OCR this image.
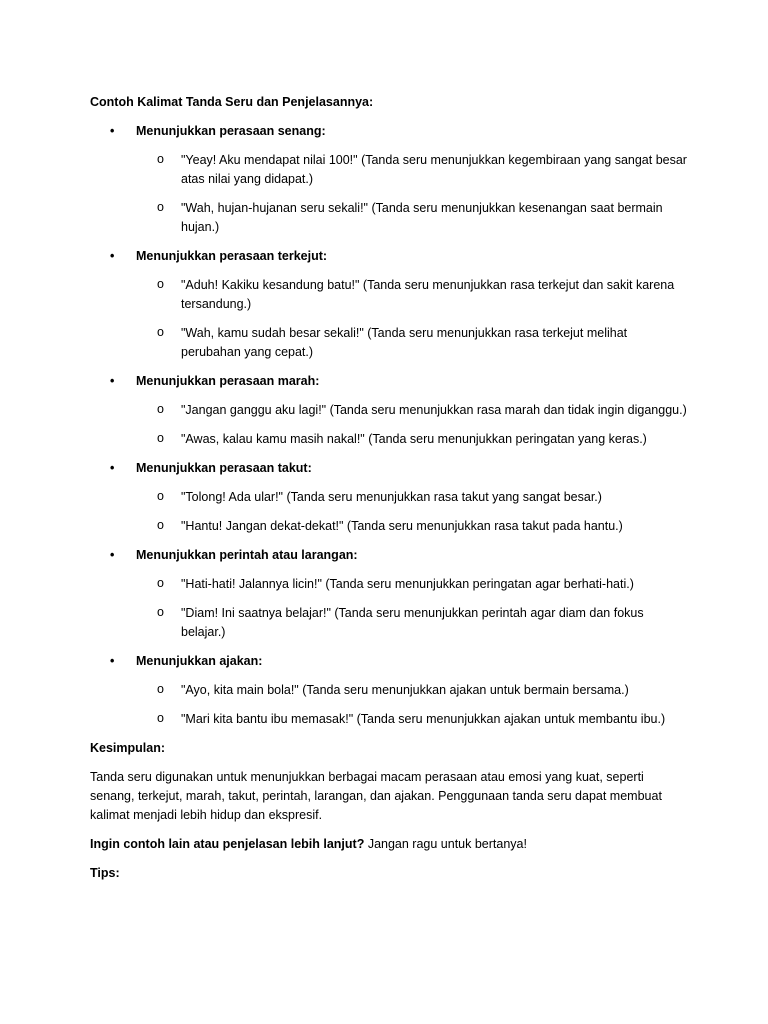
Contoh Kalimat Tanda Seru dan Penjelasannya:

• Menunjukkan perasaan senang:
o "Yeay! Aku mendapat nilai 100!" (Tanda seru menunjukkan kegembiraan yang sangat besar atas nilai yang didapat.)
o "Wah, hujan-hujanan seru sekali!" (Tanda seru menunjukkan kesenangan saat bermain hujan.)
• Menunjukkan perasaan terkejut:
o "Aduh! Kakiku kesandung batu!" (Tanda seru menunjukkan rasa terkejut dan sakit karena tersandung.)
o "Wah, kamu sudah besar sekali!" (Tanda seru menunjukkan rasa terkejut melihat perubahan yang cepat.)
• Menunjukkan perasaan marah:
o "Jangan ganggu aku lagi!" (Tanda seru menunjukkan rasa marah dan tidak ingin diganggu.)
o "Awas, kalau kamu masih nakal!" (Tanda seru menunjukkan peringatan yang keras.)
• Menunjukkan perasaan takut:
o "Tolong! Ada ular!" (Tanda seru menunjukkan rasa takut yang sangat besar.)
o "Hantu! Jangan dekat-dekat!" (Tanda seru menunjukkan rasa takut pada hantu.)
• Menunjukkan perintah atau larangan:
o "Hati-hati! Jalannya licin!" (Tanda seru menunjukkan peringatan agar berhati-hati.)
o "Diam! Ini saatnya belajar!" (Tanda seru menunjukkan perintah agar diam dan fokus belajar.)
• Menunjukkan ajakan:
o "Ayo, kita main bola!" (Tanda seru menunjukkan ajakan untuk bermain bersama.)
o "Mari kita bantu ibu memasak!" (Tanda seru menunjukkan ajakan untuk membantu ibu.)

Kesimpulan:

Tanda seru digunakan untuk menunjukkan berbagai macam perasaan atau emosi yang kuat, seperti senang, terkejut, marah, takut, perintah, larangan, dan ajakan. Penggunaan tanda seru dapat membuat kalimat menjadi lebih hidup dan ekspresif.

Ingin contoh lain atau penjelasan lebih lanjut? Jangan ragu untuk bertanya!

Tips:
